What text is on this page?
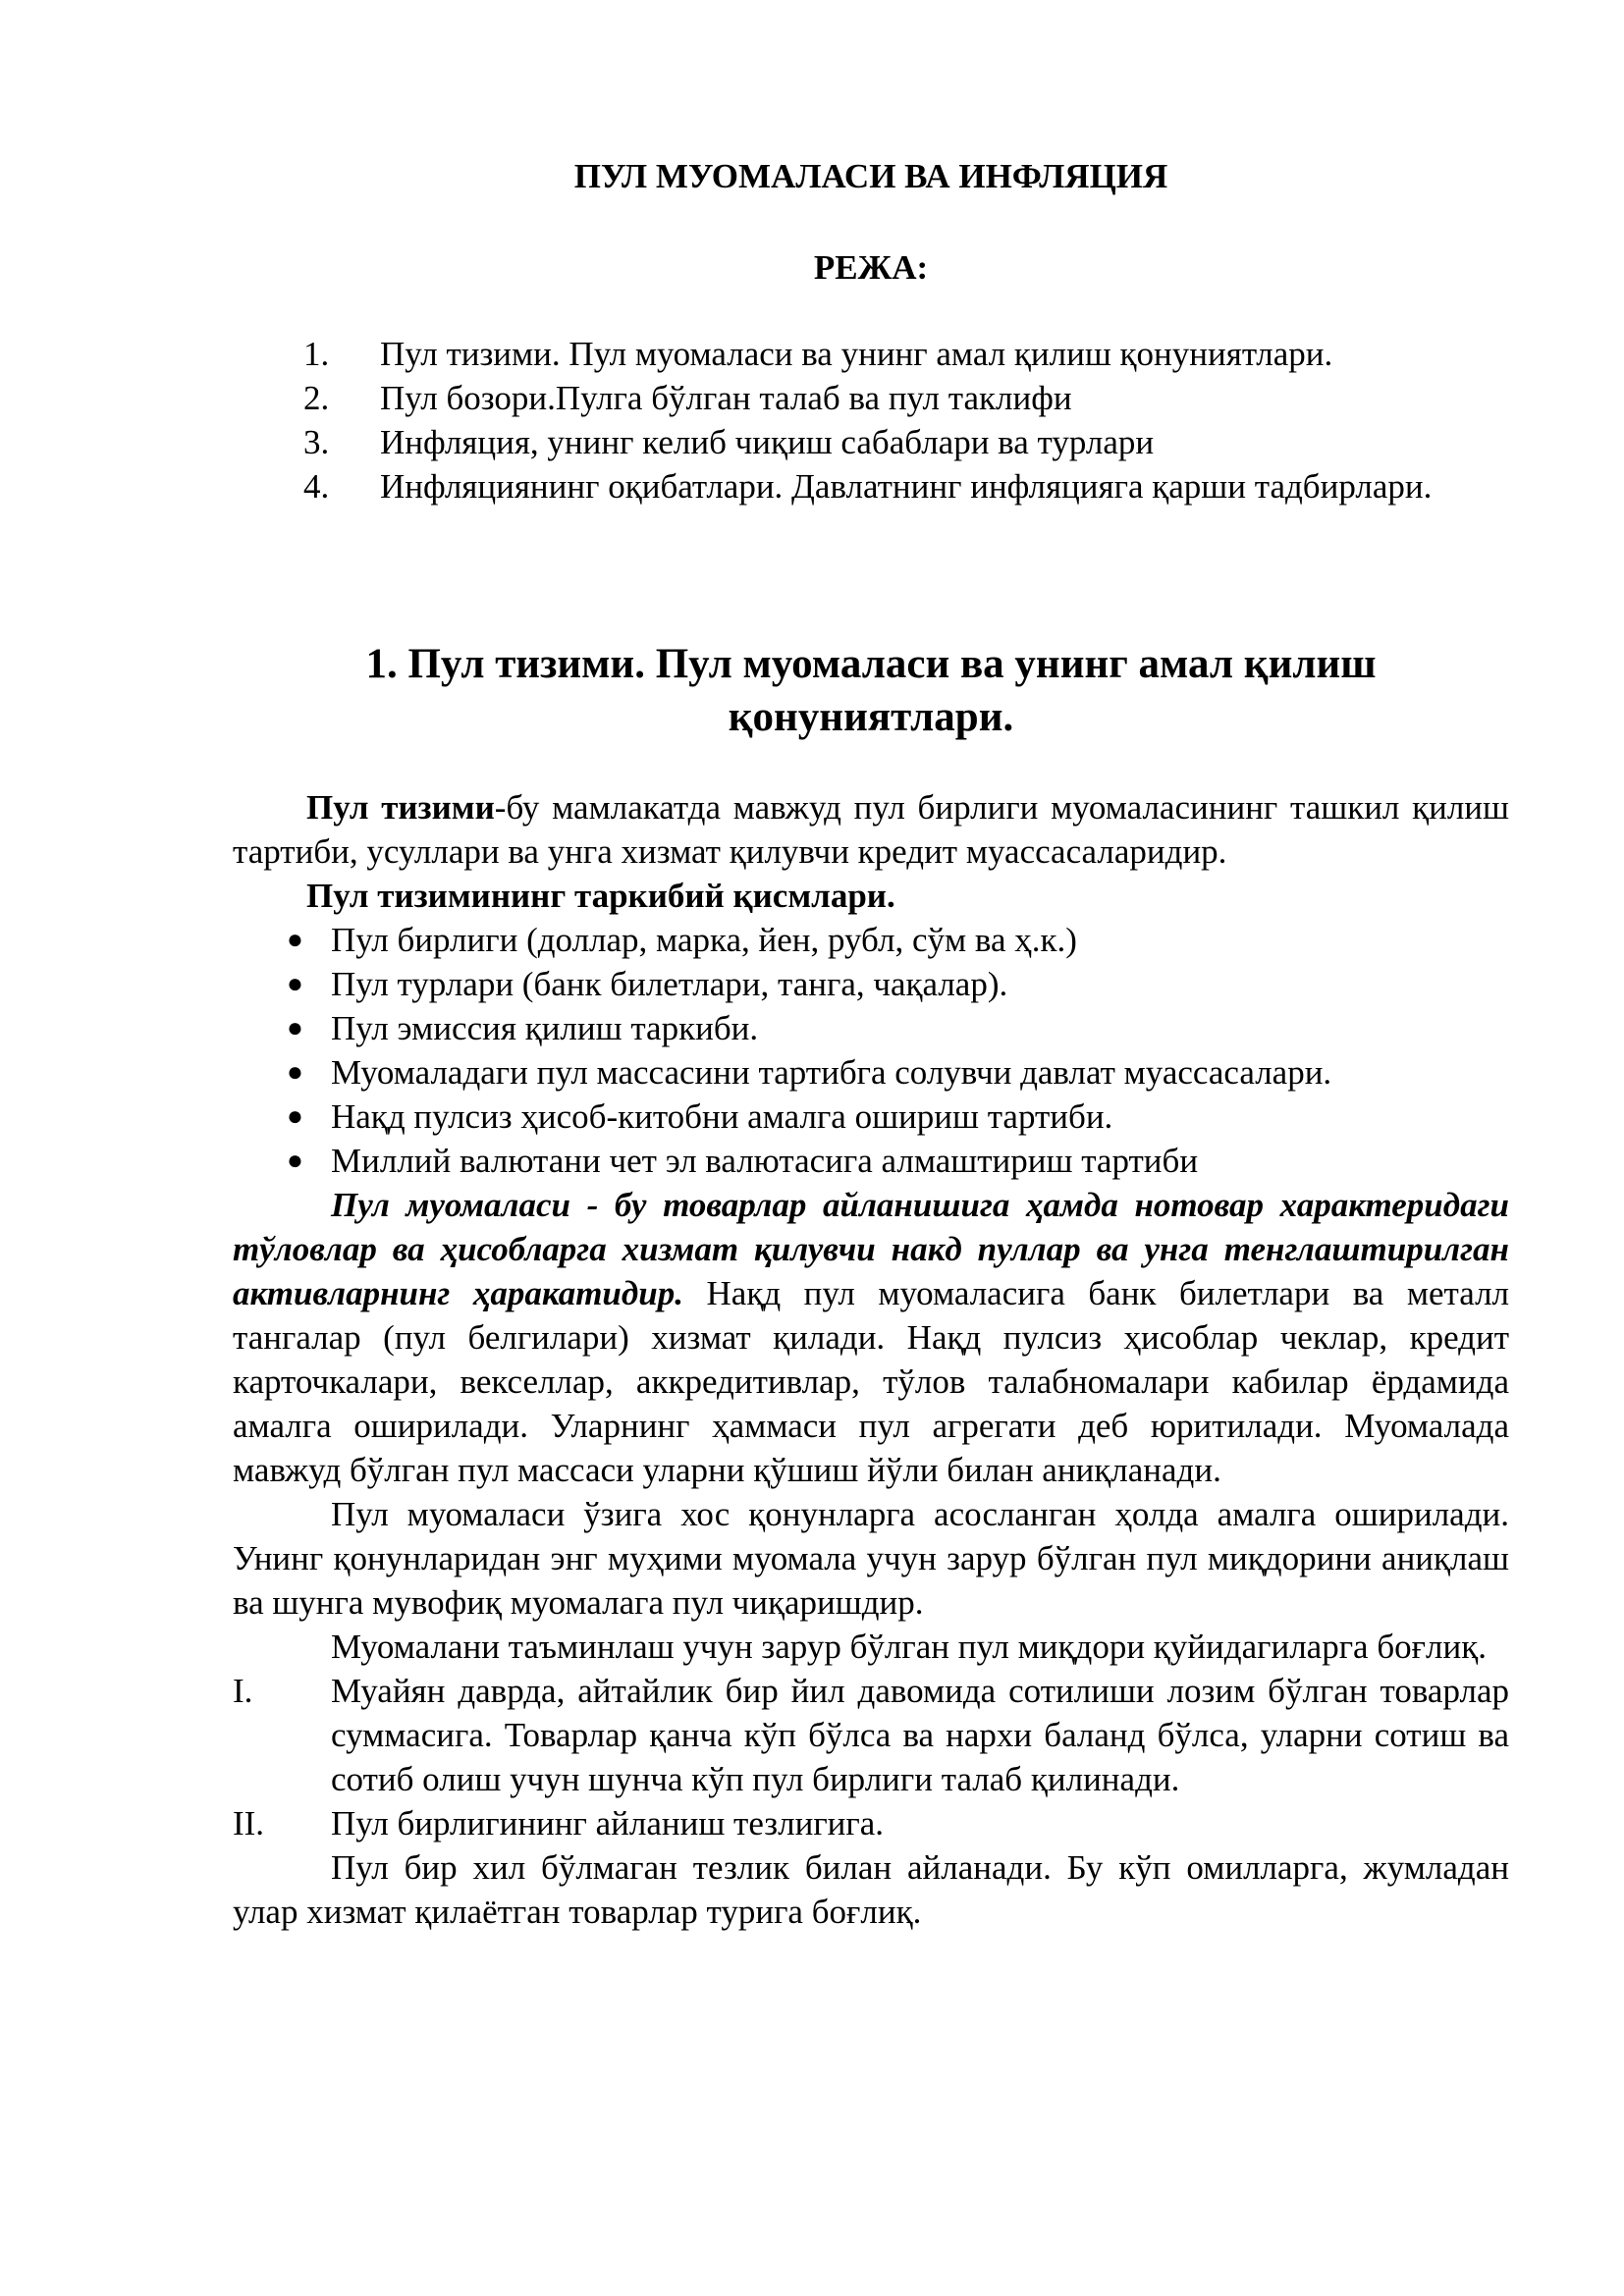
ПУЛ МУОМАЛАСИ ВА ИНФЛЯЦИЯ
РЕЖА:
1.	Пул тизими. Пул муомаласи ва унинг амал қилиш қонуниятлари.
2.	Пул бозори.Пулга бўлган талаб ва пул таклифи
3.	Инфляция, унинг келиб чиқиш сабаблари ва турлари
4.	Инфляциянинг оқибатлари. Давлатнинг инфляцияга қарши тадбирлари.
1. Пул тизими. Пул муомаласи ва унинг амал қилиш
қонуниятлари.

Пул тизими-бу мамлакатда мавжуд пул бирлиги муомаласининг ташкил қилиш тартиби, усуллари ва унга хизмат қилувчи кредит муассасаларидир.

Пул тизимининг таркибий қисмлари.

● Пул бирлиги (доллар, марка, йен, рубл, сўм ва ҳ.к.)
● Пул турлари (банк билетлари, танга, чақалар).
● Пул эмиссия қилиш таркиби.
● Муомаладаги пул массасини тартибга солувчи давлат муассасалари.
● Нақд пулсиз ҳисоб-китобни амалга ошириш тартиби.
● Миллий валютани чет эл валютасига алмаштириш тартиби

Пул муомаласи - бу товарлар айланишига ҳамда нотовар характеридаги тўловлар ва ҳисобларга хизмат қилувчи накд пуллар ва унга тенглаштирилган активларнинг ҳаракатидир. Нақд пул муомаласига банк билетлари ва металл тангалар (пул белгилари) хизмат қилади. Нақд пулсиз ҳисоблар чеклар, кредит карточкалари, векселлар, аккредитивлар, тўлов талабномалари кабилар ёрдамида амалга оширилади. Уларнинг ҳаммаси пул агрегати деб юритилади. Муомалада мавжуд бўлган пул массаси уларни қўшиш йўли билан аниқланади.

Пул муомаласи ўзига хос қонунларга асосланган ҳолда амалга оширилади. Унинг қонунларидан энг муҳими муомала учун зарур бўлган пул миқдорини аниқлаш ва шунга мувофиқ муомалага пул чиқаришдир.

Муомалани таъминлаш учун зарур бўлган пул миқдори қуйидагиларга боғлиқ.

I.	Муайян даврда, айтайлик бир йил давомида сотилиши лозим бўлган товарлар суммасига. Товарлар қанча кўп бўлса ва нархи баланд бўлса, уларни сотиш ва сотиб олиш учун шунча кўп пул бирлиги талаб қилинади.
II.	Пул бирлигининг айланиш тезлигига.

Пул бир хил бўлмаган тезлик билан айланади. Бу кўп омилларга, жумладан улар хизмат қилаётган товарлар турига боғлиқ.
